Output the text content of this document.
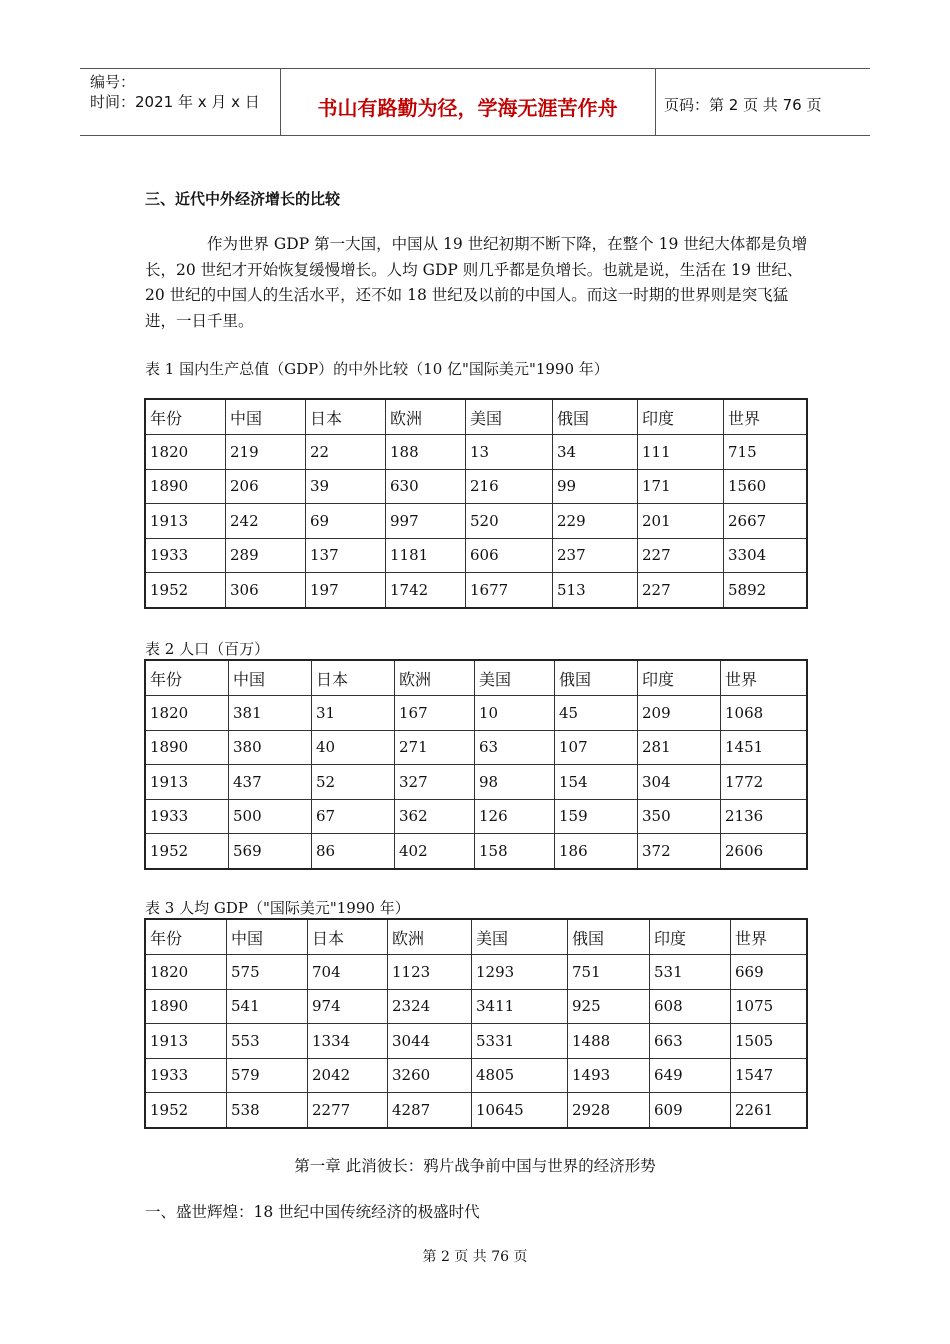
编号：
时间：2021 年 x 月 x 日	书山有路勤为径，学海无涯苦作舟	页码：第 2 页 共 76 页
三、近代中外经济增长的比较
作为世界 GDP 第一大国，中国从 19 世纪初期不断下降，在整个 19 世纪大体都是负增长，20 世纪才开始恢复缓慢增长。人均 GDP 则几乎都是负增长。也就是说，生活在 19 世纪、20 世纪的中国人的生活水平，还不如 18 世纪及以前的中国人。而这一时期的世界则是突飞猛进，一日千里。
表 1 国内生产总值（GDP）的中外比较（10 亿"国际美元"1990 年）
年份	中国	日本	欧洲	美国	俄国	印度	世界
1820	219	22	188	13	34	111	715
1890	206	39	630	216	99	171	1560
1913	242	69	997	520	229	201	2667
1933	289	137	1181	606	237	227	3304
1952	306	197	1742	1677	513	227	5892
表 2 人口（百万）
年份	中国	日本	欧洲	美国	俄国	印度	世界
1820	381	31	167	10	45	209	1068
1890	380	40	271	63	107	281	1451
1913	437	52	327	98	154	304	1772
1933	500	67	362	126	159	350	2136
1952	569	86	402	158	186	372	2606
表 3 人均 GDP（"国际美元"1990 年）
年份	中国	日本	欧洲	美国	俄国	印度	世界
1820	575	704	1123	1293	751	531	669
1890	541	974	2324	3411	925	608	1075
1913	553	1334	3044	5331	1488	663	1505
1933	579	2042	3260	4805	1493	649	1547
1952	538	2277	4287	10645	2928	609	2261
第一章 此消彼长：鸦片战争前中国与世界的经济形势
一、盛世辉煌：18 世纪中国传统经济的极盛时代
第 2 页 共 76 页
